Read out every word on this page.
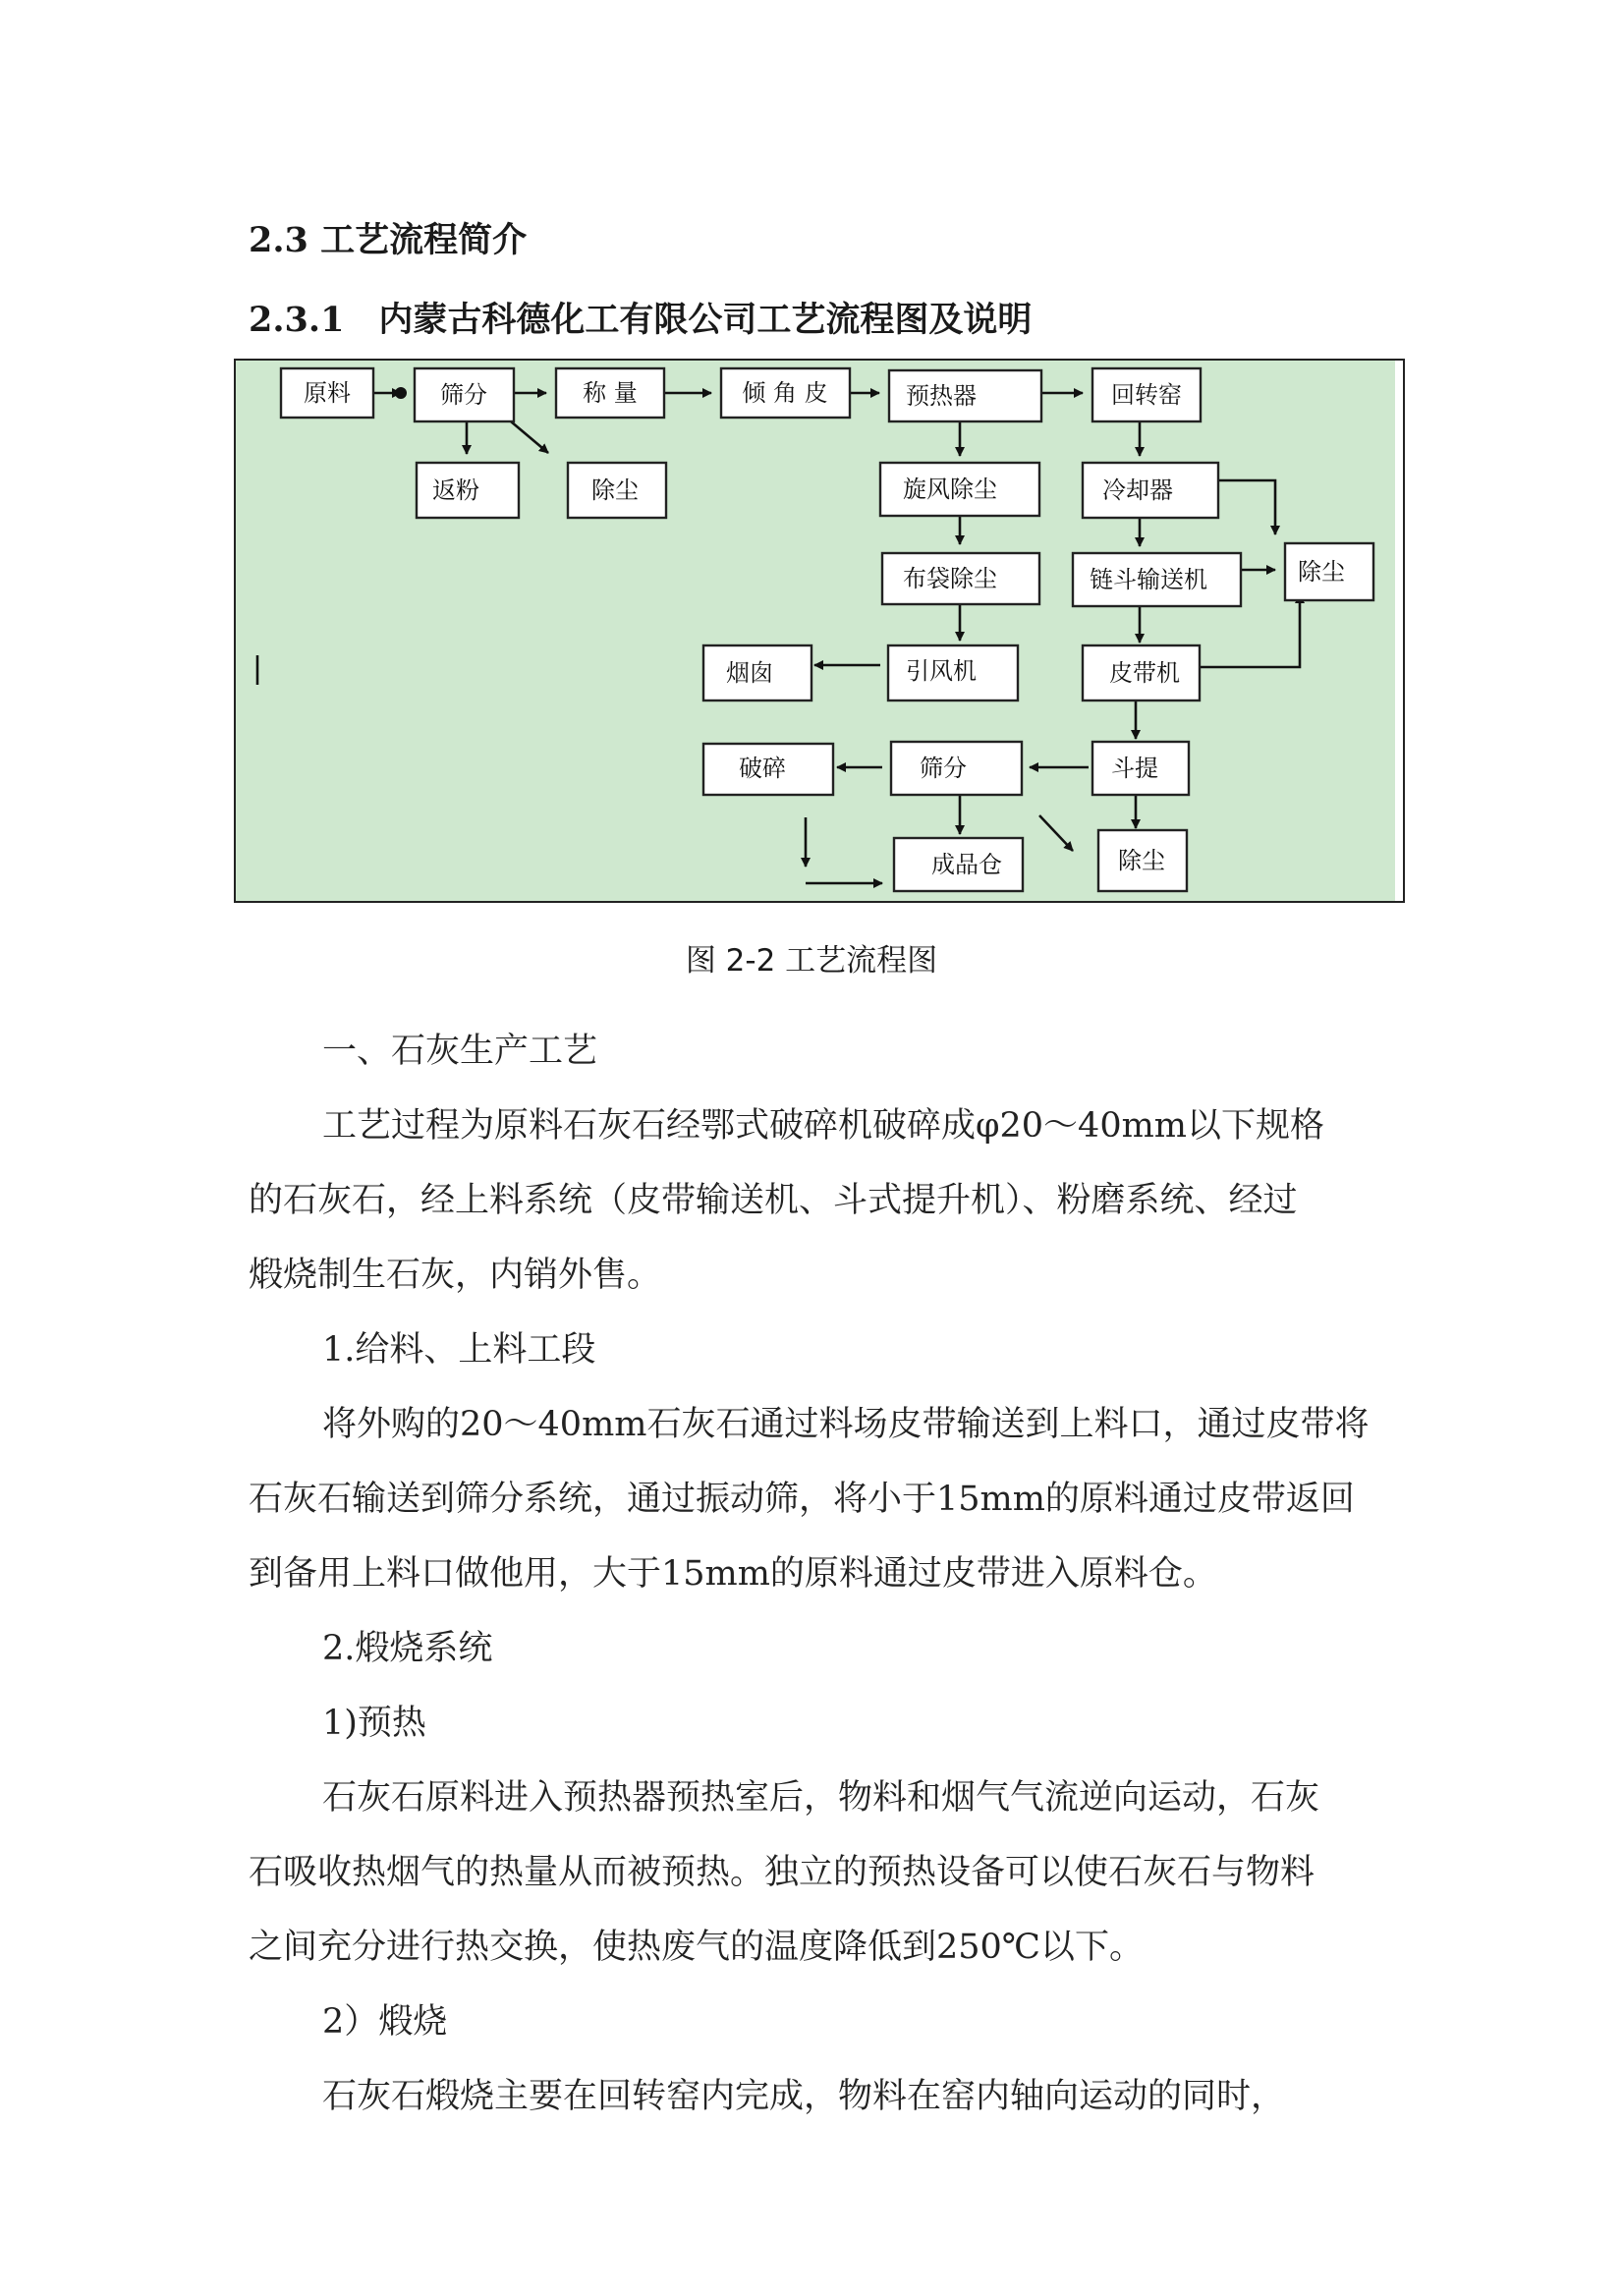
2.3 工艺流程简介
2.3.1　内蒙古科德化工有限公司工艺流程图及说明
原料	筛分	称 量	倾 角 皮	预热器	回转窑
返粉	除尘	旋风除尘	冷却器
布袋除尘	链斗输送机	除尘
烟囱	引风机	皮带机
破碎	筛分	斗提
成品仓	除尘
图 2-2 工艺流程图
一、石灰生产工艺
工艺过程为原料石灰石经鄂式破碎机破碎成φ20～40mm以下规格
的石灰石，经上料系统（皮带输送机、斗式提升机）、粉磨系统、经过
煅烧制生石灰，内销外售。
1.给料、上料工段
将外购的20～40mm石灰石通过料场皮带输送到上料口，通过皮带将
石灰石输送到筛分系统，通过振动筛，将小于15mm的原料通过皮带返回
到备用上料口做他用，大于15mm的原料通过皮带进入原料仓。
2.煅烧系统
1)预热
石灰石原料进入预热器预热室后，物料和烟气气流逆向运动，石灰
石吸收热烟气的热量从而被预热。独立的预热设备可以使石灰石与物料
之间充分进行热交换，使热废气的温度降低到250℃以下。
2）煅烧
石灰石煅烧主要在回转窑内完成，物料在窑内轴向运动的同时，
